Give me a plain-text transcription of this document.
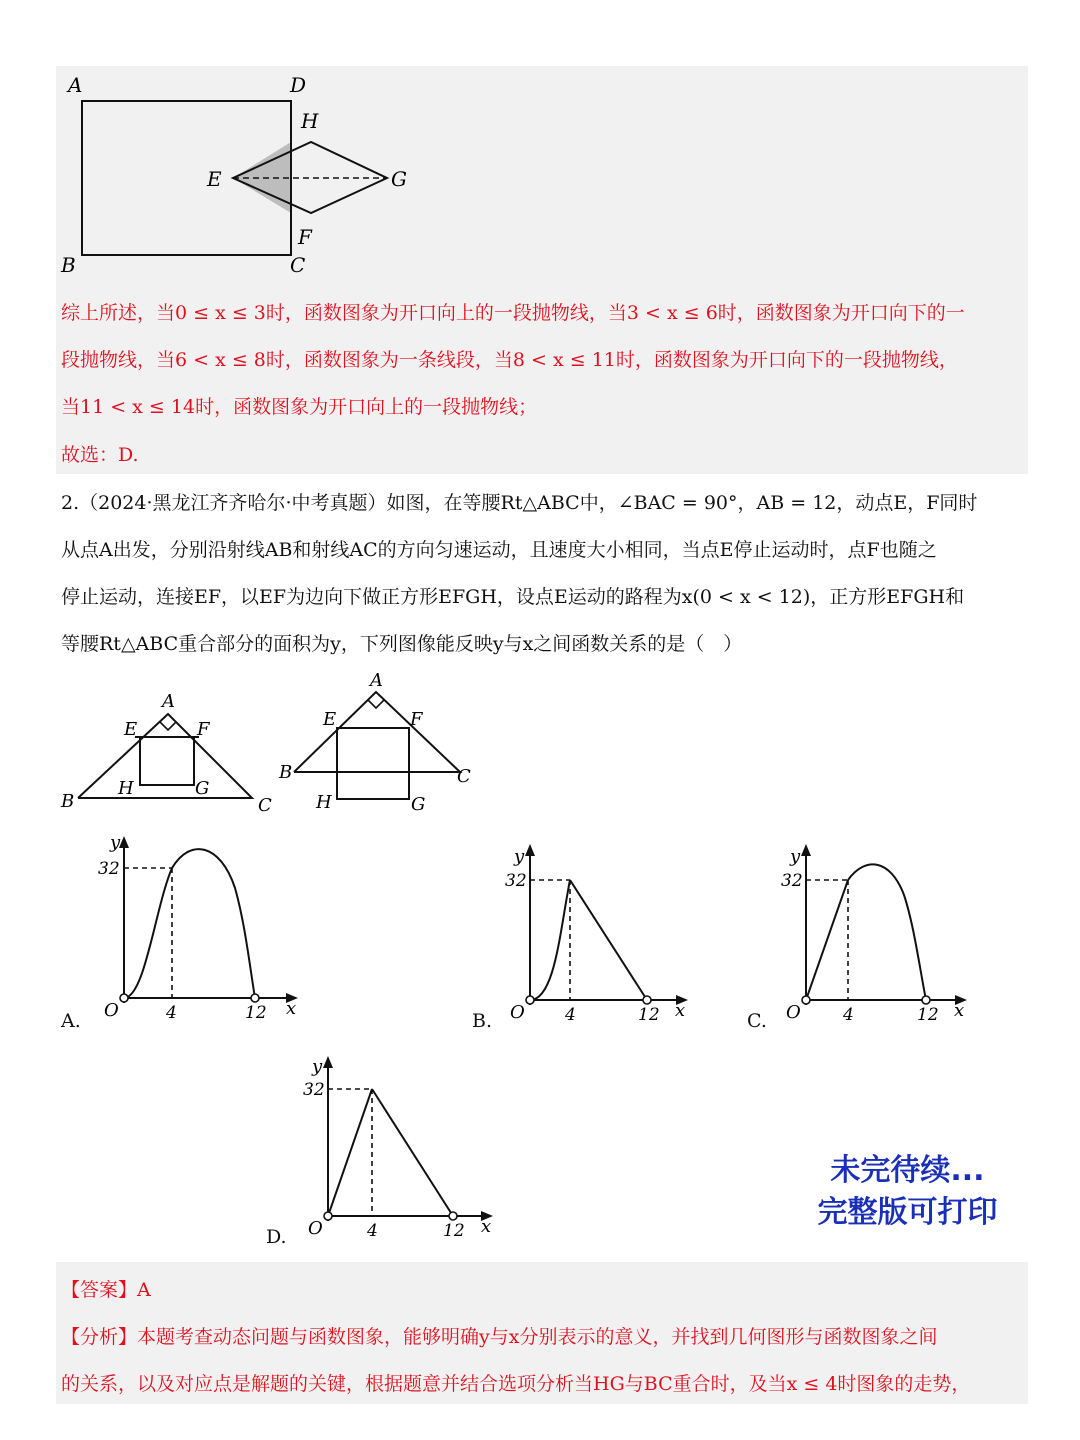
A	D
H
E	G
F
B	C
综上所述，当0 ≤ x ≤ 3时，函数图象为开口向上的一段抛物线，当3 < x ≤ 6时，函数图象为开口向下的一
段抛物线，当6 < x ≤ 8时，函数图象为一条线段，当8 < x ≤ 11时，函数图象为开口向下的一段抛物线，
当11 < x ≤ 14时，函数图象为开口向上的一段抛物线；
故选：D.
2.（2024·黑龙江齐齐哈尔·中考真题）如图，在等腰Rt△ABC中，∠BAC = 90°，AB = 12，动点E，F同时
从点A出发，分别沿射线AB和射线AC的方向匀速运动，且速度大小相同，当点E停止运动时，点F也随之
停止运动，连接EF，以EF为边向下做正方形EFGH，设点E运动的路程为x(0 < x < 12)，正方形EFGH和
等腰Rt△ABC重合部分的面积为y，下列图像能反映y与x之间函数关系的是（　）
A
E	F
B
H	G
C
A
E	F
B	C
H	G
y
32
O	4	12 x
A.
y
32
O 4	12 x
B.
y
32
O 4	12 x
C.
y
32
O	4	12 x
D.
未完待续...
完整版可打印
【答案】A
【分析】本题考查动态问题与函数图象，能够明确y与x分别表示的意义，并找到几何图形与函数图象之间
的关系，以及对应点是解题的关键，根据题意并结合选项分析当HG与BC重合时，及当x ≤ 4时图象的走势，
